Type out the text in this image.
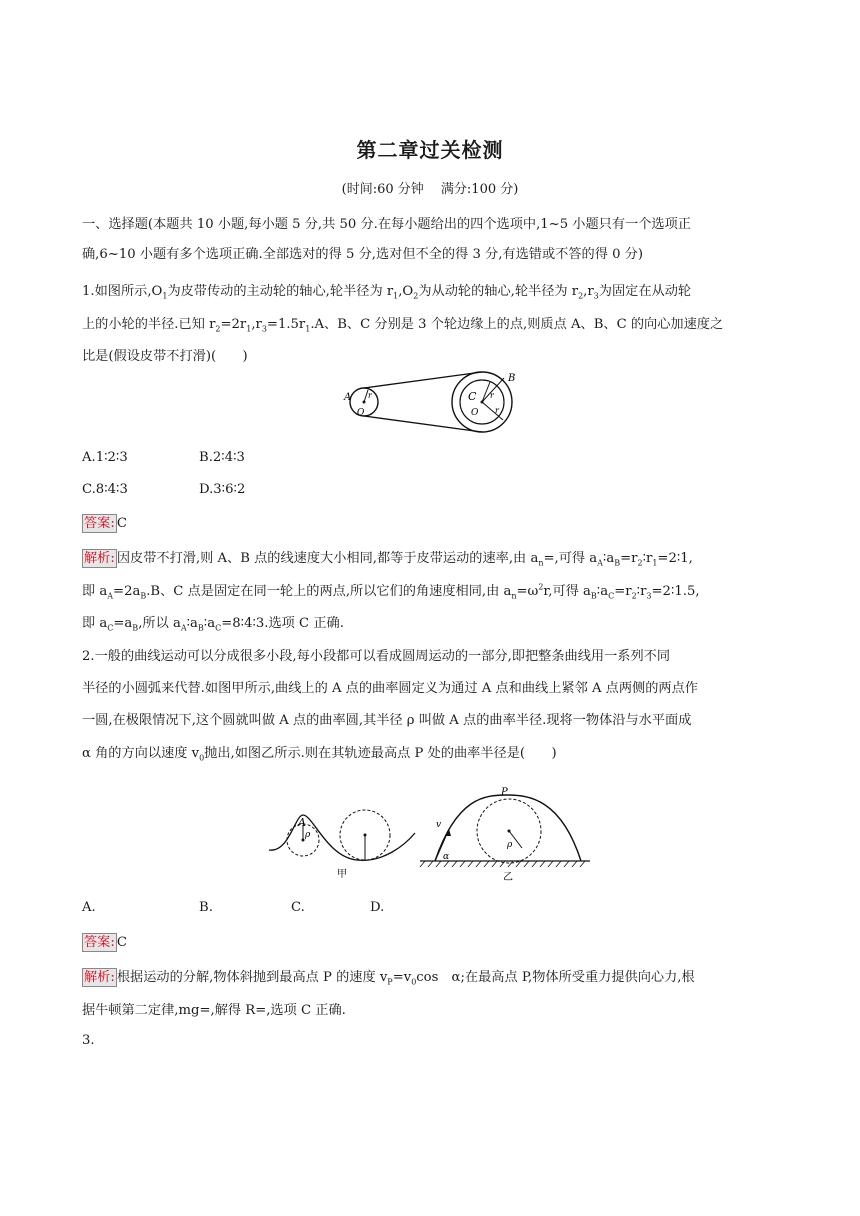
第二章过关检测
(时间:60 分钟　 满分:100 分)
一、选择题(本题共 10 小题,每小题 5 分,共 50 分.在每小题给出的四个选项中,1~5 小题只有一个选项正
确,6~10 小题有多个选项正确.全部选对的得 5 分,选对但不全的得 3 分,有选错或不答的得 0 分)
1.如图所示$,O_1$为皮带传动的主动轮的轴心,轮半径为 $r_1,O_2$为从动轮的轴心,轮半径为 $r_2,r_3$为固定在从动轮
上的小轮的半径.已知 $r_2=2r_1,r_3=1.5r_1.A$、B、C 分别是 3 个轮边缘上的点,则质点 A、B、C 的向心加速度之
比是(假设皮带不打滑)(　　)
A
B
C
O	O
r	r
r
A.1∶2∶3	B.2∶4∶3
C.8∶4∶3	D.3∶6∶2
答案: C
解析: 因皮带不打滑,则 A、B 点的线速度大小相同,都等于皮带运动的速率,由 $a_n=$,可得 $a_A∶a_B=r_2∶r_1=2∶1$,
即 $a_A=2a_B.B$、C 点是固定在同一轮上的两点,所以它们的角速度相同,由 $a_n=\omega^2r$,可得 $a_B∶a_C=r_2∶r_3=2∶1.5$,
即 $a_C=a_B$,所以 $a_A∶a_B∶a_C=8∶4∶3$.选项 C 正确.
2.一般的曲线运动可以分成很多小段,每小段都可以看成圆周运动的一部分,即把整条曲线用一系列不同
半径的小圆弧来代替.如图甲所示,曲线上的 A 点的曲率圆定义为通过 A 点和曲线上紧邻 A 点两侧的两点作
一圆,在极限情况下,这个圆就叫做 A 点的曲率圆,其半径 ρ 叫做 A 点的曲率半径.现将一物体沿与水平面成
α 角的方向以速度 $v_0$抛出,如图乙所示.则在其轨迹最高点 P 处的曲率半径是(　　)
A
ρ
甲
P
v
α
ρ
乙
A.	B.	C.	D.
答案: C
解析: 根据运动的分解,物体斜抛到最高点 P 的速度 $v_P=v_0\cos$　α;在最高点 P,物体所受重力提供向心力,根
据牛顿第二定律,mg=,解得 R=,选项 C 正确.
3.
